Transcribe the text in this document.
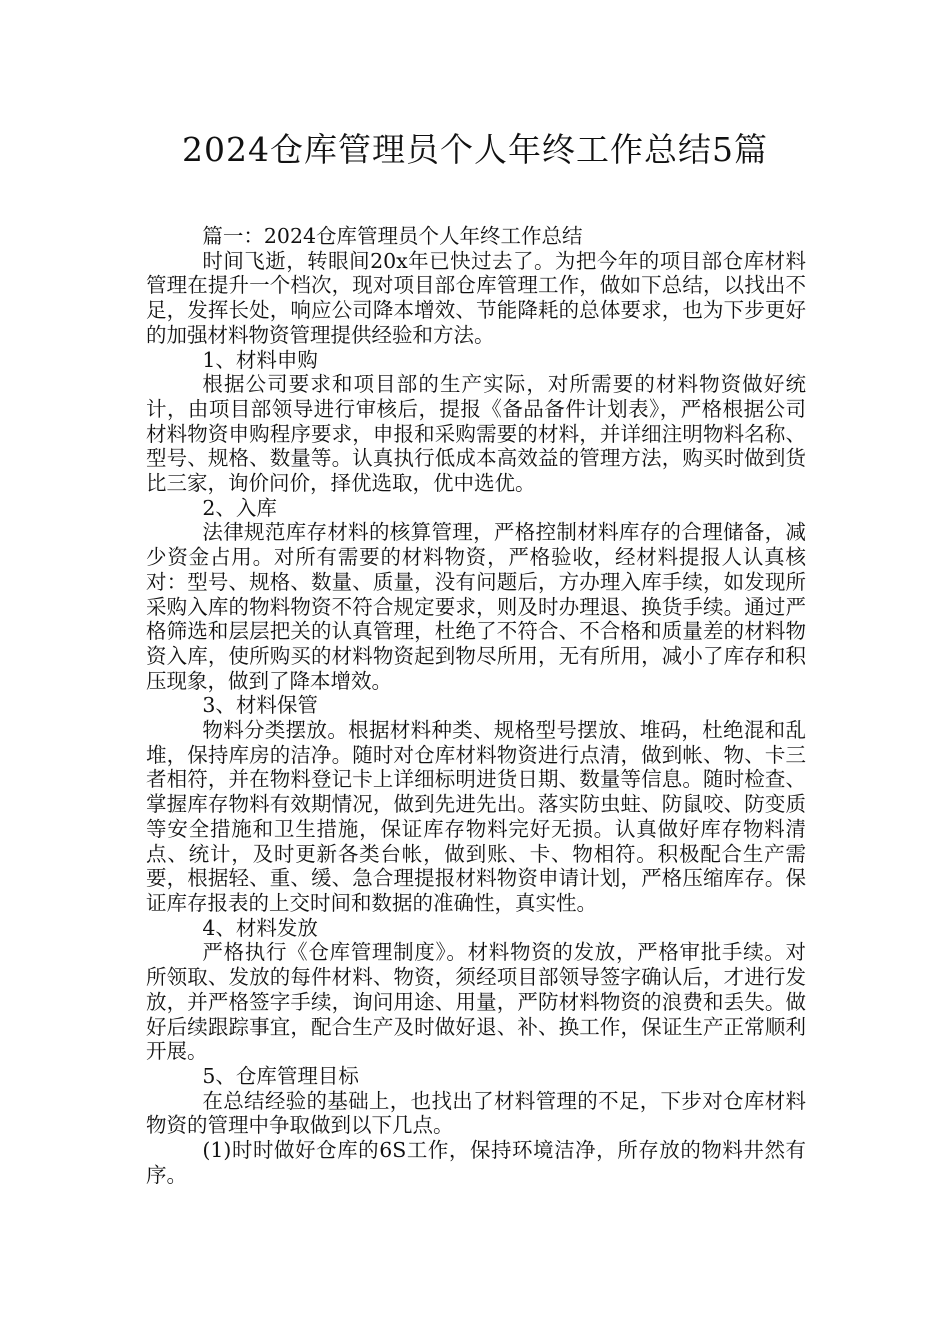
2024仓库管理员个人年终工作总结5篇

篇一：2024仓库管理员个人年终工作总结

时间飞逝，转眼间20x年已快过去了。为把今年的项目部仓库材料管理在提升一个档次，现对项目部仓库管理工作，做如下总结，以找出不足，发挥长处，响应公司降本增效、节能降耗的总体要求，也为下步更好的加强材料物资管理提供经验和方法。

1、材料申购

根据公司要求和项目部的生产实际，对所需要的材料物资做好统计，由项目部领导进行审核后，提报《备品备件计划表》，严格根据公司材料物资申购程序要求，申报和采购需要的材料，并详细注明物料名称、型号、规格、数量等。认真执行低成本高效益的管理方法，购买时做到货比三家，询价问价，择优选取，优中选优。

2、入库

法律规范库存材料的核算管理，严格控制材料库存的合理储备，减少资金占用。对所有需要的材料物资，严格验收，经材料提报人认真核对：型号、规格、数量、质量，没有问题后，方办理入库手续，如发现所采购入库的物料物资不符合规定要求，则及时办理退、换货手续。通过严格筛选和层层把关的认真管理，杜绝了不符合、不合格和质量差的材料物资入库，使所购买的材料物资起到物尽所用，无有所用，减小了库存和积压现象，做到了降本增效。

3、材料保管

物料分类摆放。根据材料种类、规格型号摆放、堆码，杜绝混和乱堆，保持库房的洁净。随时对仓库材料物资进行点清，做到帐、物、卡三者相符，并在物料登记卡上详细标明进货日期、数量等信息。随时检查、掌握库存物料有效期情况，做到先进先出。落实防虫蛀、防鼠咬、防变质等安全措施和卫生措施，保证库存物料完好无损。认真做好库存物料清点、统计，及时更新各类台帐，做到账、卡、物相符。积极配合生产需要，根据轻、重、缓、急合理提报材料物资申请计划，严格压缩库存。保证库存报表的上交时间和数据的准确性，真实性。

4、材料发放

严格执行《仓库管理制度》。材料物资的发放，严格审批手续。对所领取、发放的每件材料、物资，须经项目部领导签字确认后，才进行发放，并严格签字手续，询问用途、用量，严防材料物资的浪费和丢失。做好后续跟踪事宜，配合生产及时做好退、补、换工作，保证生产正常顺利开展。

5、仓库管理目标

在总结经验的基础上，也找出了材料管理的不足，下步对仓库材料物资的管理中争取做到以下几点。

(1)时时做好仓库的6S工作，保持环境洁净，所存放的物料井然有序。
